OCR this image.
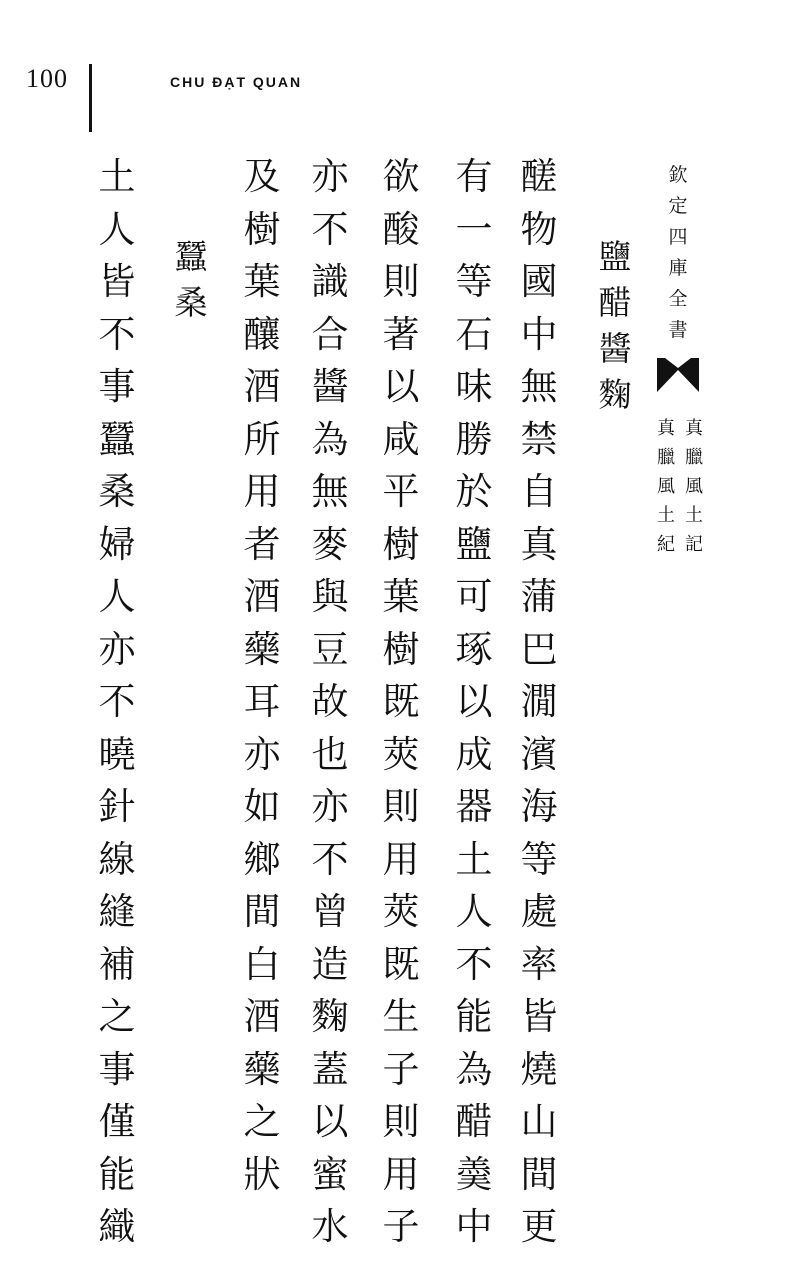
100	CHU ĐẠT QUAN
欽
定
四
庫
全
書
真
臘
風
土
記
真
臘
風
土
紀
鹽
醋
醬
麴
醝
物
國
中
無
禁
自
真
蒲
巴
㵎
濱
海
等
處
率
皆
燒
山
間
更
有
一
等
石
味
勝
於
鹽
可
琢
以
成
器
土
人
不
能
為
醋
羮
中
欲
酸
則
著
以
咸
平
樹
葉
樹
既
莢
則
用
莢
既
生
子
則
用
子
亦
不
識
合
醬
為
無
麥
與
豆
故
也
亦
不
曾
造
麴
蓋
以
蜜
水
及
樹
葉
釀
酒
所
用
者
酒
藥
耳
亦
如
鄉
間
白
酒
藥
之
狀
蠶
桑
土
人
皆
不
事
蠶
桑
婦
人
亦
不
曉
針
線
縫
補
之
事
僅
能
織
